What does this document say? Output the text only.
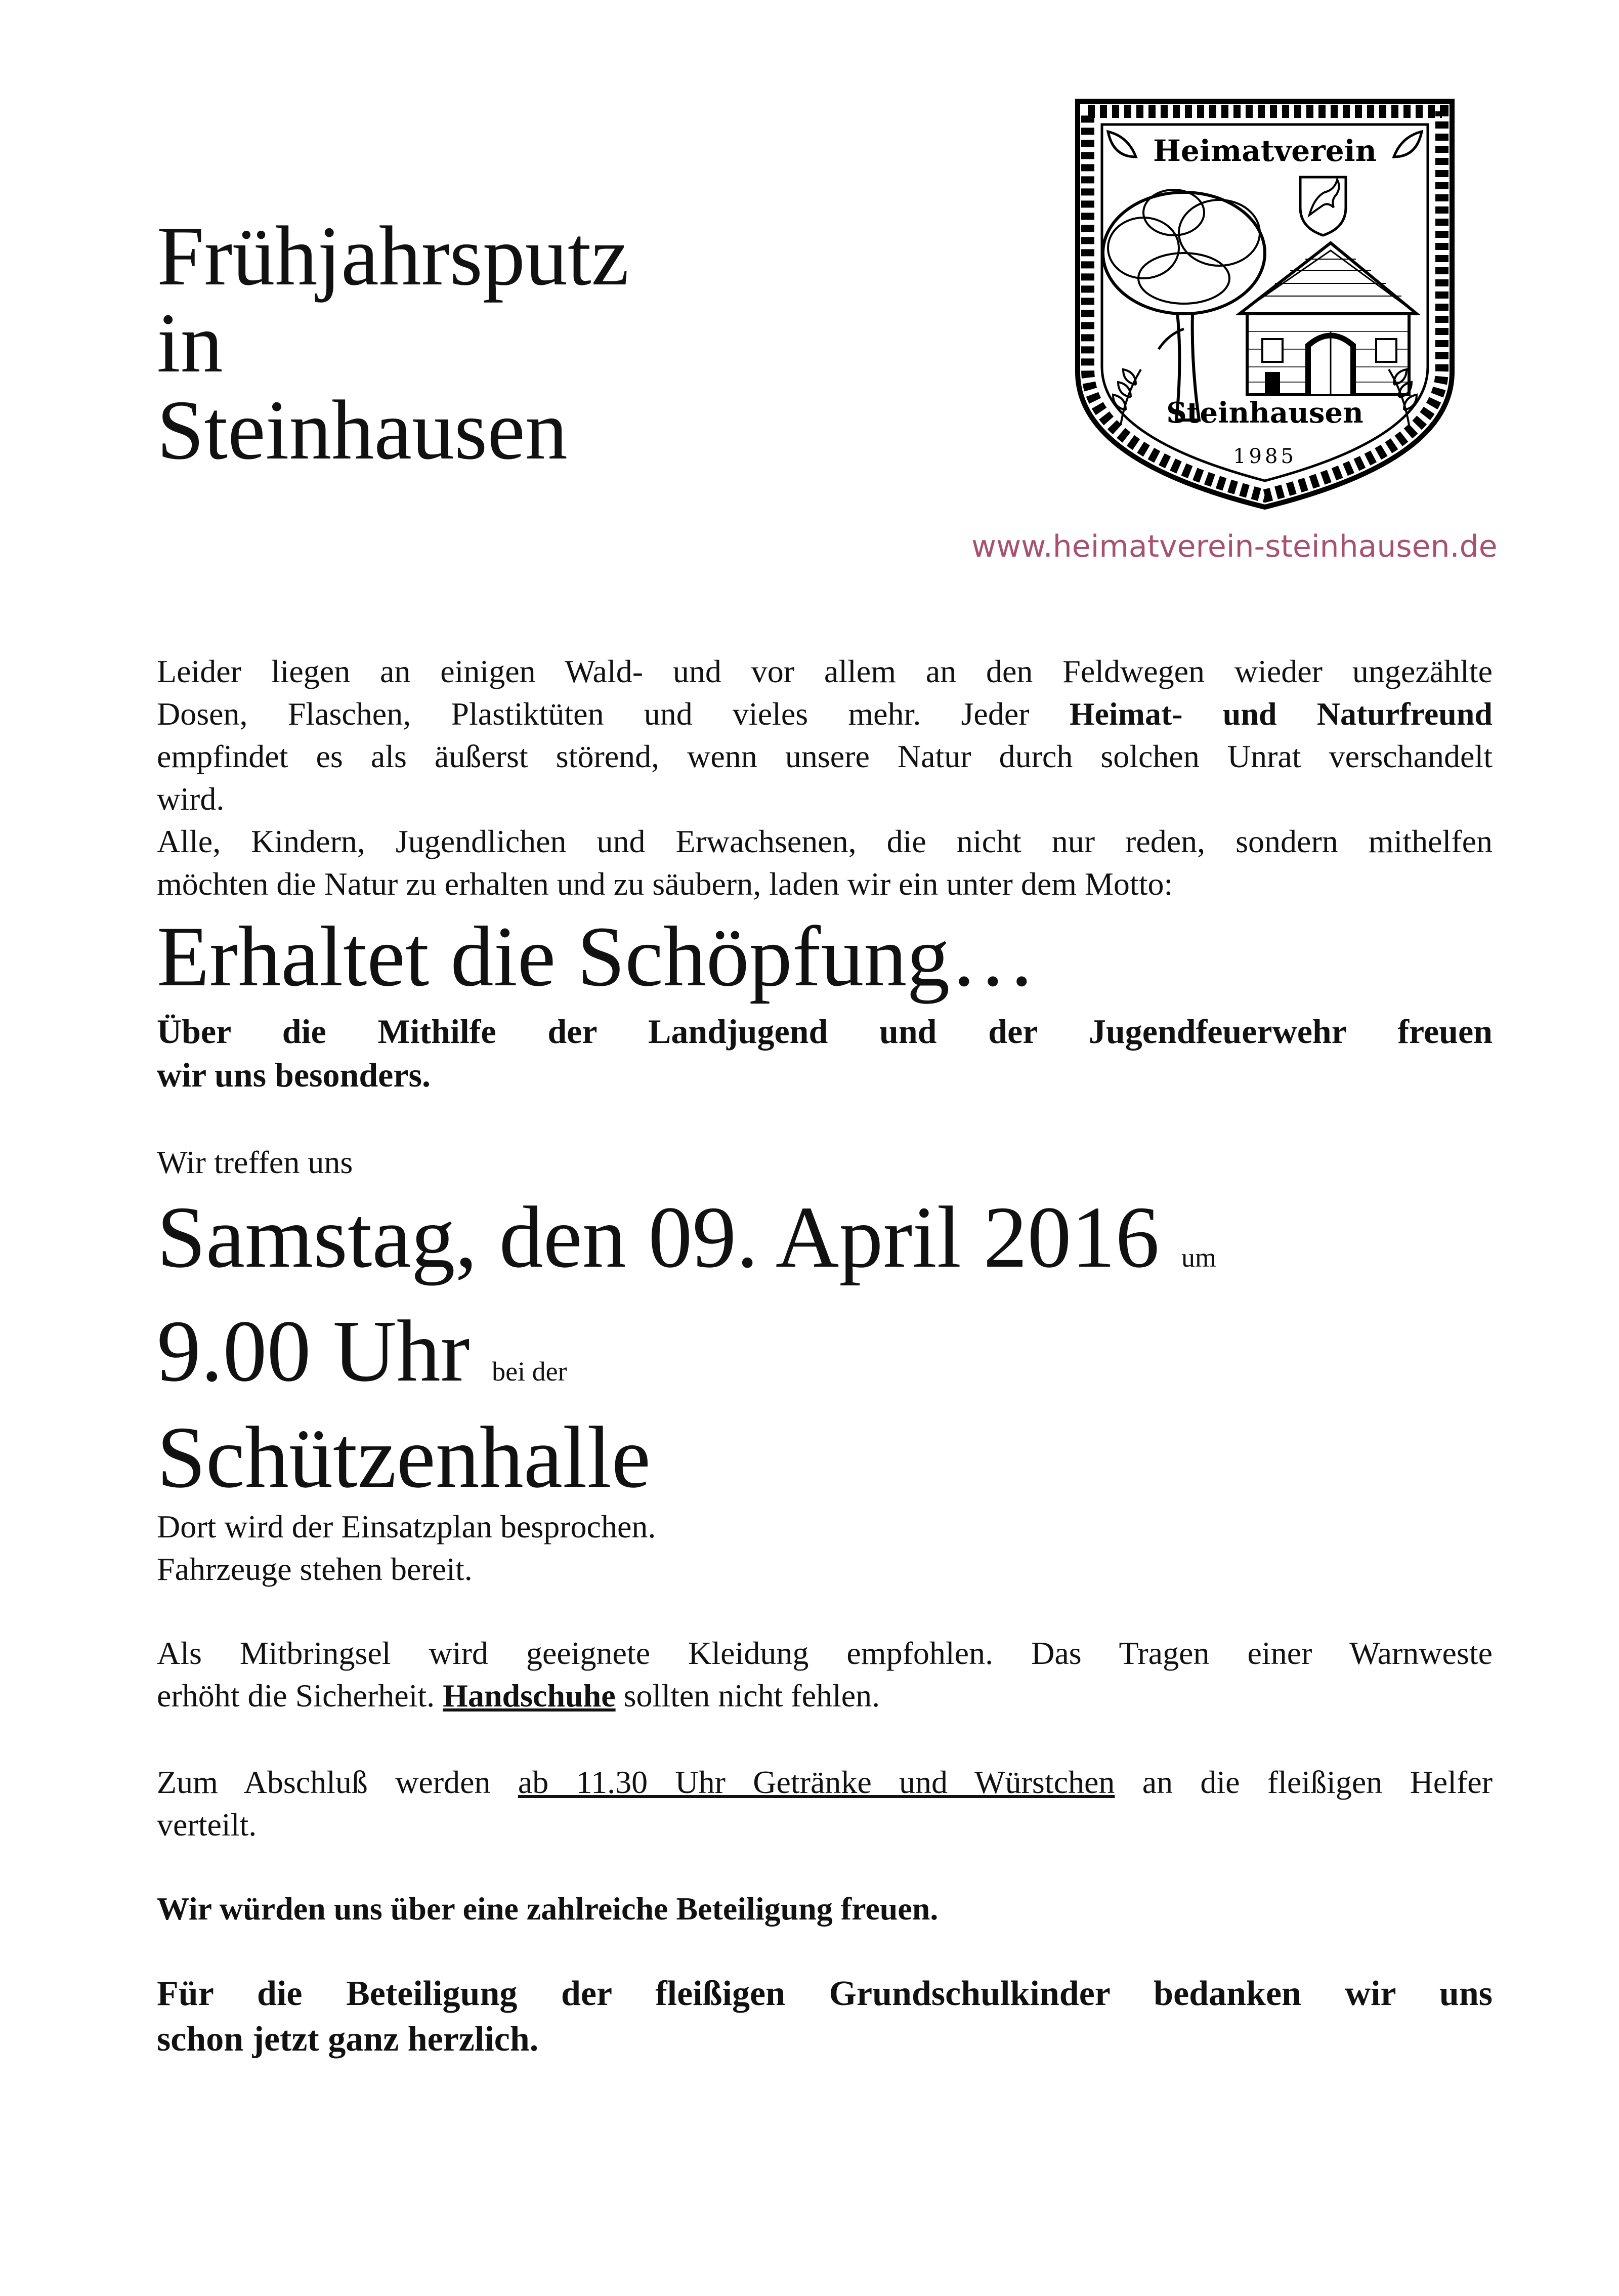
Frühjahrsputz
in
Steinhausen
Heimatverein
Steinhausen
1985
www.heimatverein-steinhausen.de
Leider liegen an einigen Wald- und vor allem an den Feldwegen wieder ungezählte
Dosen, Flaschen, Plastiktüten und vieles mehr. Jeder Heimat- und Naturfreund
empfindet es als äußerst störend, wenn unsere Natur durch solchen Unrat verschandelt
wird.
Alle, Kindern, Jugendlichen und Erwachsenen, die nicht nur reden, sondern mithelfen
möchten die Natur zu erhalten und zu säubern, laden wir ein unter dem Motto:
Erhaltet die Schöpfung…
Über die Mithilfe der Landjugend und der Jugendfeuerwehr freuen
wir uns besonders.
Wir treffen uns
Samstag, den 09. April 2016 um
9.00 Uhr bei der
Schützenhalle
Dort wird der Einsatzplan besprochen.
Fahrzeuge stehen bereit.
Als Mitbringsel wird geeignete Kleidung empfohlen. Das Tragen einer Warnweste
erhöht die Sicherheit. Handschuhe sollten nicht fehlen.
Zum Abschluß werden ab 11.30 Uhr Getränke und Würstchen an die fleißigen Helfer
verteilt.
Wir würden uns über eine zahlreiche Beteiligung freuen.
Für die Beteiligung der fleißigen Grundschulkinder bedanken wir uns
schon jetzt ganz herzlich.
